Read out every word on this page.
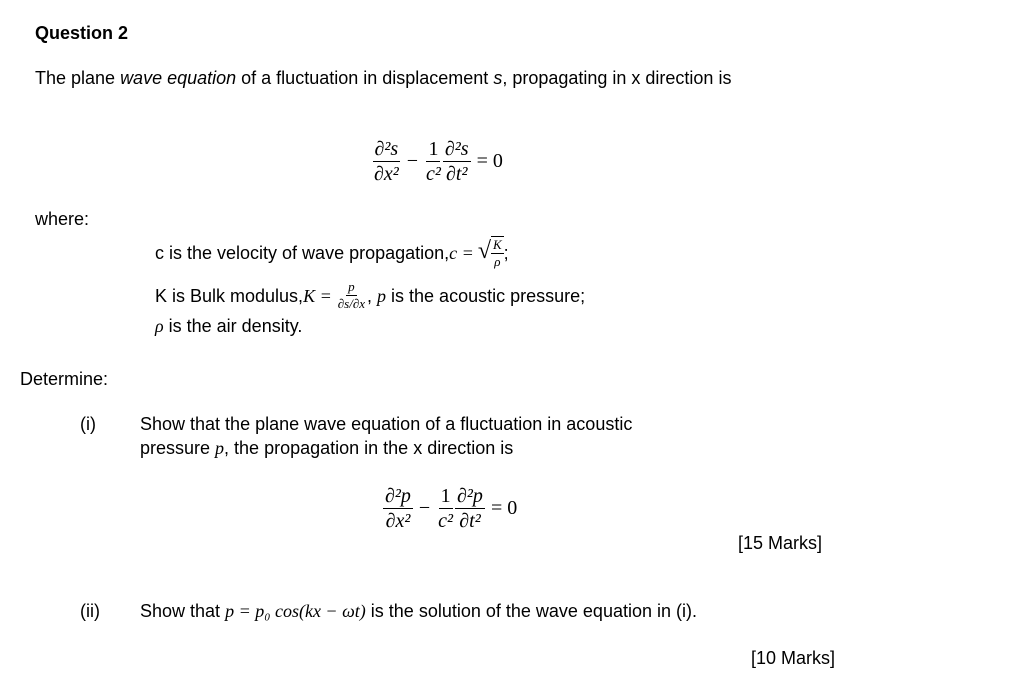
Question 2
The plane wave equation of a fluctuation in displacement s, propagating in x direction is
$\frac{\text{∂²s}}{\text{∂x²}} - \frac{1}{\text{c²}} \frac{\text{∂²s}}{\text{∂t²}} = 0$
where:
c is the velocity of wave propagation, c = √ $\frac{K}{\rho}$ ;
K is Bulk modulus, $K = \frac{p}{\partial s/\partial x}$ , p is the acoustic pressure;
ρ is the air density.
Determine:
(i) Show that the plane wave equation of a fluctuation in acoustic
pressure p, the propagation in the x direction is
$\frac{\text{∂²p}}{\text{∂x²}} - \frac{1}{\text{c²}} \frac{\text{∂²p}}{\text{∂t²}} = 0$
[15 Marks]
(ii) Show that p = p₀ cos(kx − ωt) is the solution of the wave equation in (i).
[10 Marks]
